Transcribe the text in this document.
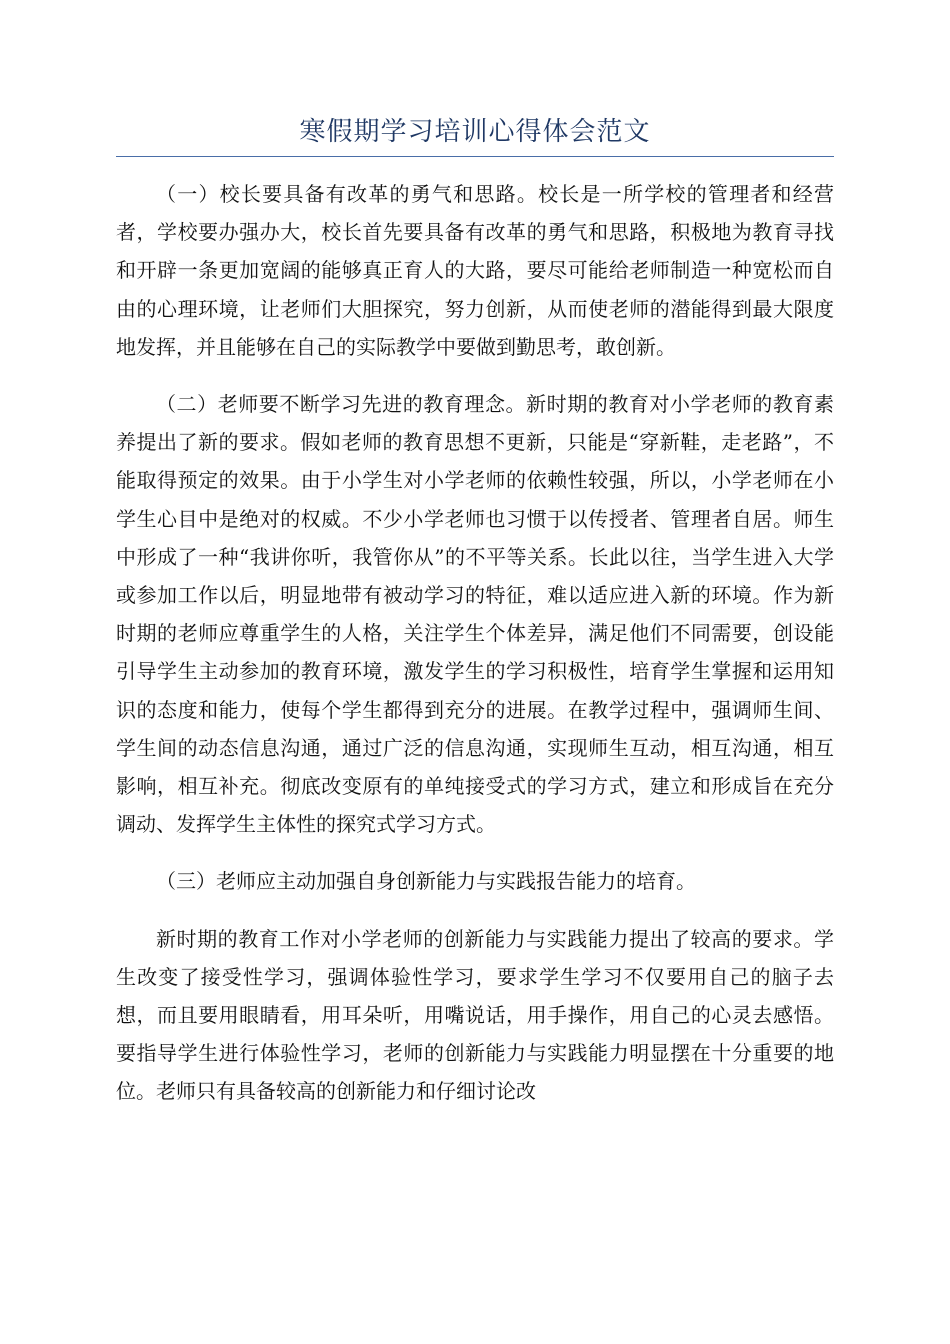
寒假期学习培训心得体会范文

（一）校长要具备有改革的勇气和思路。校长是一所学校的管理者和经营者，学校要办强办大，校长首先要具备有改革的勇气和思路，积极地为教育寻找和开辟一条更加宽阔的能够真正育人的大路，要尽可能给老师制造一种宽松而自由的心理环境，让老师们大胆探究，努力创新，从而使老师的潜能得到最大限度地发挥，并且能够在自己的实际教学中要做到勤思考，敢创新。

（二）老师要不断学习先进的教育理念。新时期的教育对小学老师的教育素养提出了新的要求。假如老师的教育思想不更新，只能是“穿新鞋，走老路”，不能取得预定的效果。由于小学生对小学老师的依赖性较强，所以，小学老师在小学生心目中是绝对的权威。不少小学老师也习惯于以传授者、管理者自居。师生中形成了一种“我讲你听，我管你从”的不平等关系。长此以往，当学生进入大学或参加工作以后，明显地带有被动学习的特征，难以适应进入新的环境。作为新时期的老师应尊重学生的人格，关注学生个体差异，满足他们不同需要，创设能引导学生主动参加的教育环境，激发学生的学习积极性，培育学生掌握和运用知识的态度和能力，使每个学生都得到充分的进展。在教学过程中，强调师生间、学生间的动态信息沟通，通过广泛的信息沟通，实现师生互动，相互沟通，相互影响，相互补充。彻底改变原有的单纯接受式的学习方式，建立和形成旨在充分调动、发挥学生主体性的探究式学习方式。

（三）老师应主动加强自身创新能力与实践报告能力的培育。

新时期的教育工作对小学老师的创新能力与实践能力提出了较高的要求。学生改变了接受性学习，强调体验性学习，要求学生学习不仅要用自己的脑子去想，而且要用眼睛看，用耳朵听，用嘴说话，用手操作，用自己的心灵去感悟。要指导学生进行体验性学习，老师的创新能力与实践能力明显摆在十分重要的地位。老师只有具备较高的创新能力和仔细讨论改
